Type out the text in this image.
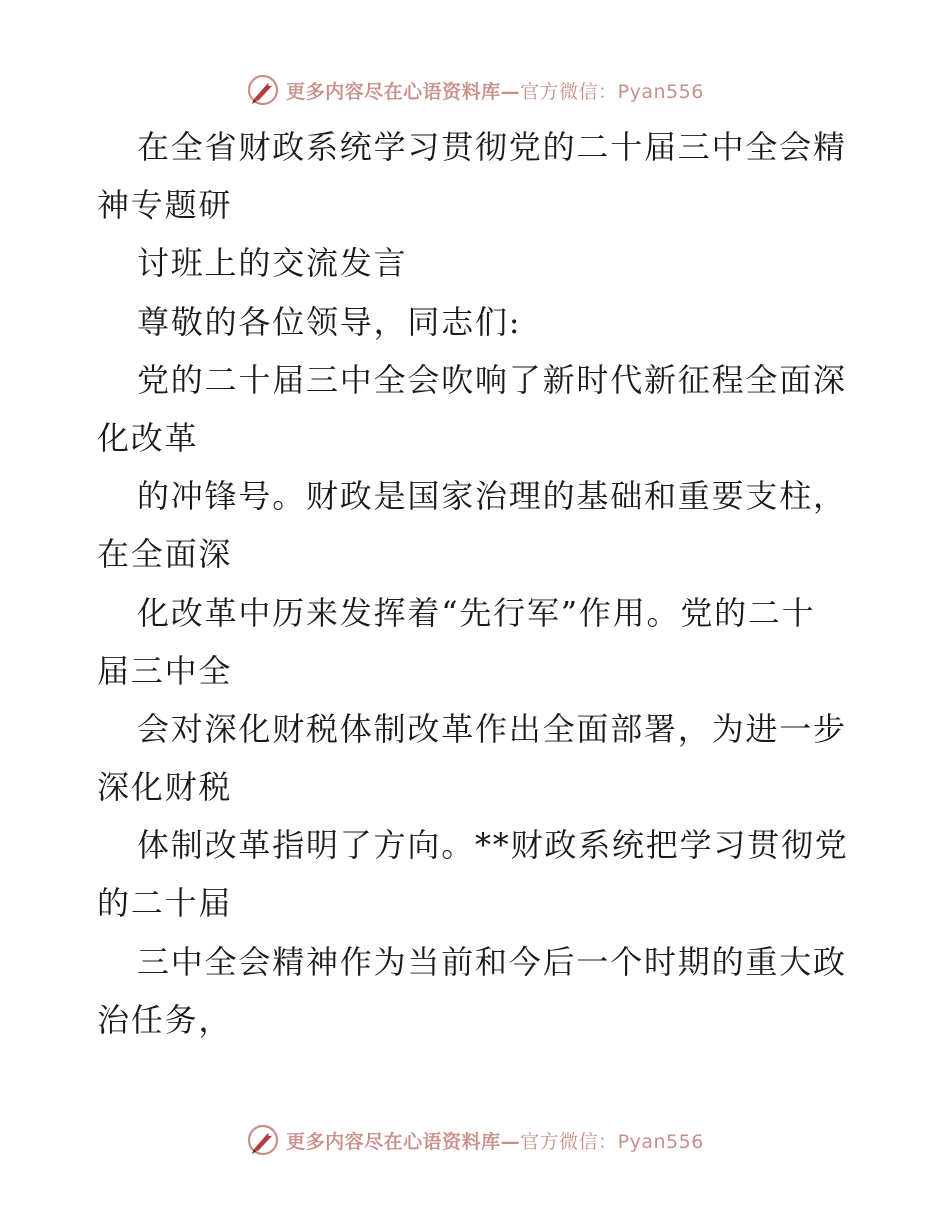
更多内容尽在心语资料库—官方微信：Pyan556
在全省财政系统学习贯彻党的二十届三中全会精
神专题研
讨班上的交流发言
尊敬的各位领导，同志们:
党的二十届三中全会吹响了新时代新征程全面深
化改革
的冲锋号。财政是国家治理的基础和重要支柱，
在全面深
化改革中历来发挥着“先行军”作用。党的二十
届三中全
会对深化财税体制改革作出全面部署，为进一步
深化财税
体制改革指明了方向。**财政系统把学习贯彻党
的二十届
三中全会精神作为当前和今后一个时期的重大政
治任务，
更多内容尽在心语资料库—官方微信：Pyan556
